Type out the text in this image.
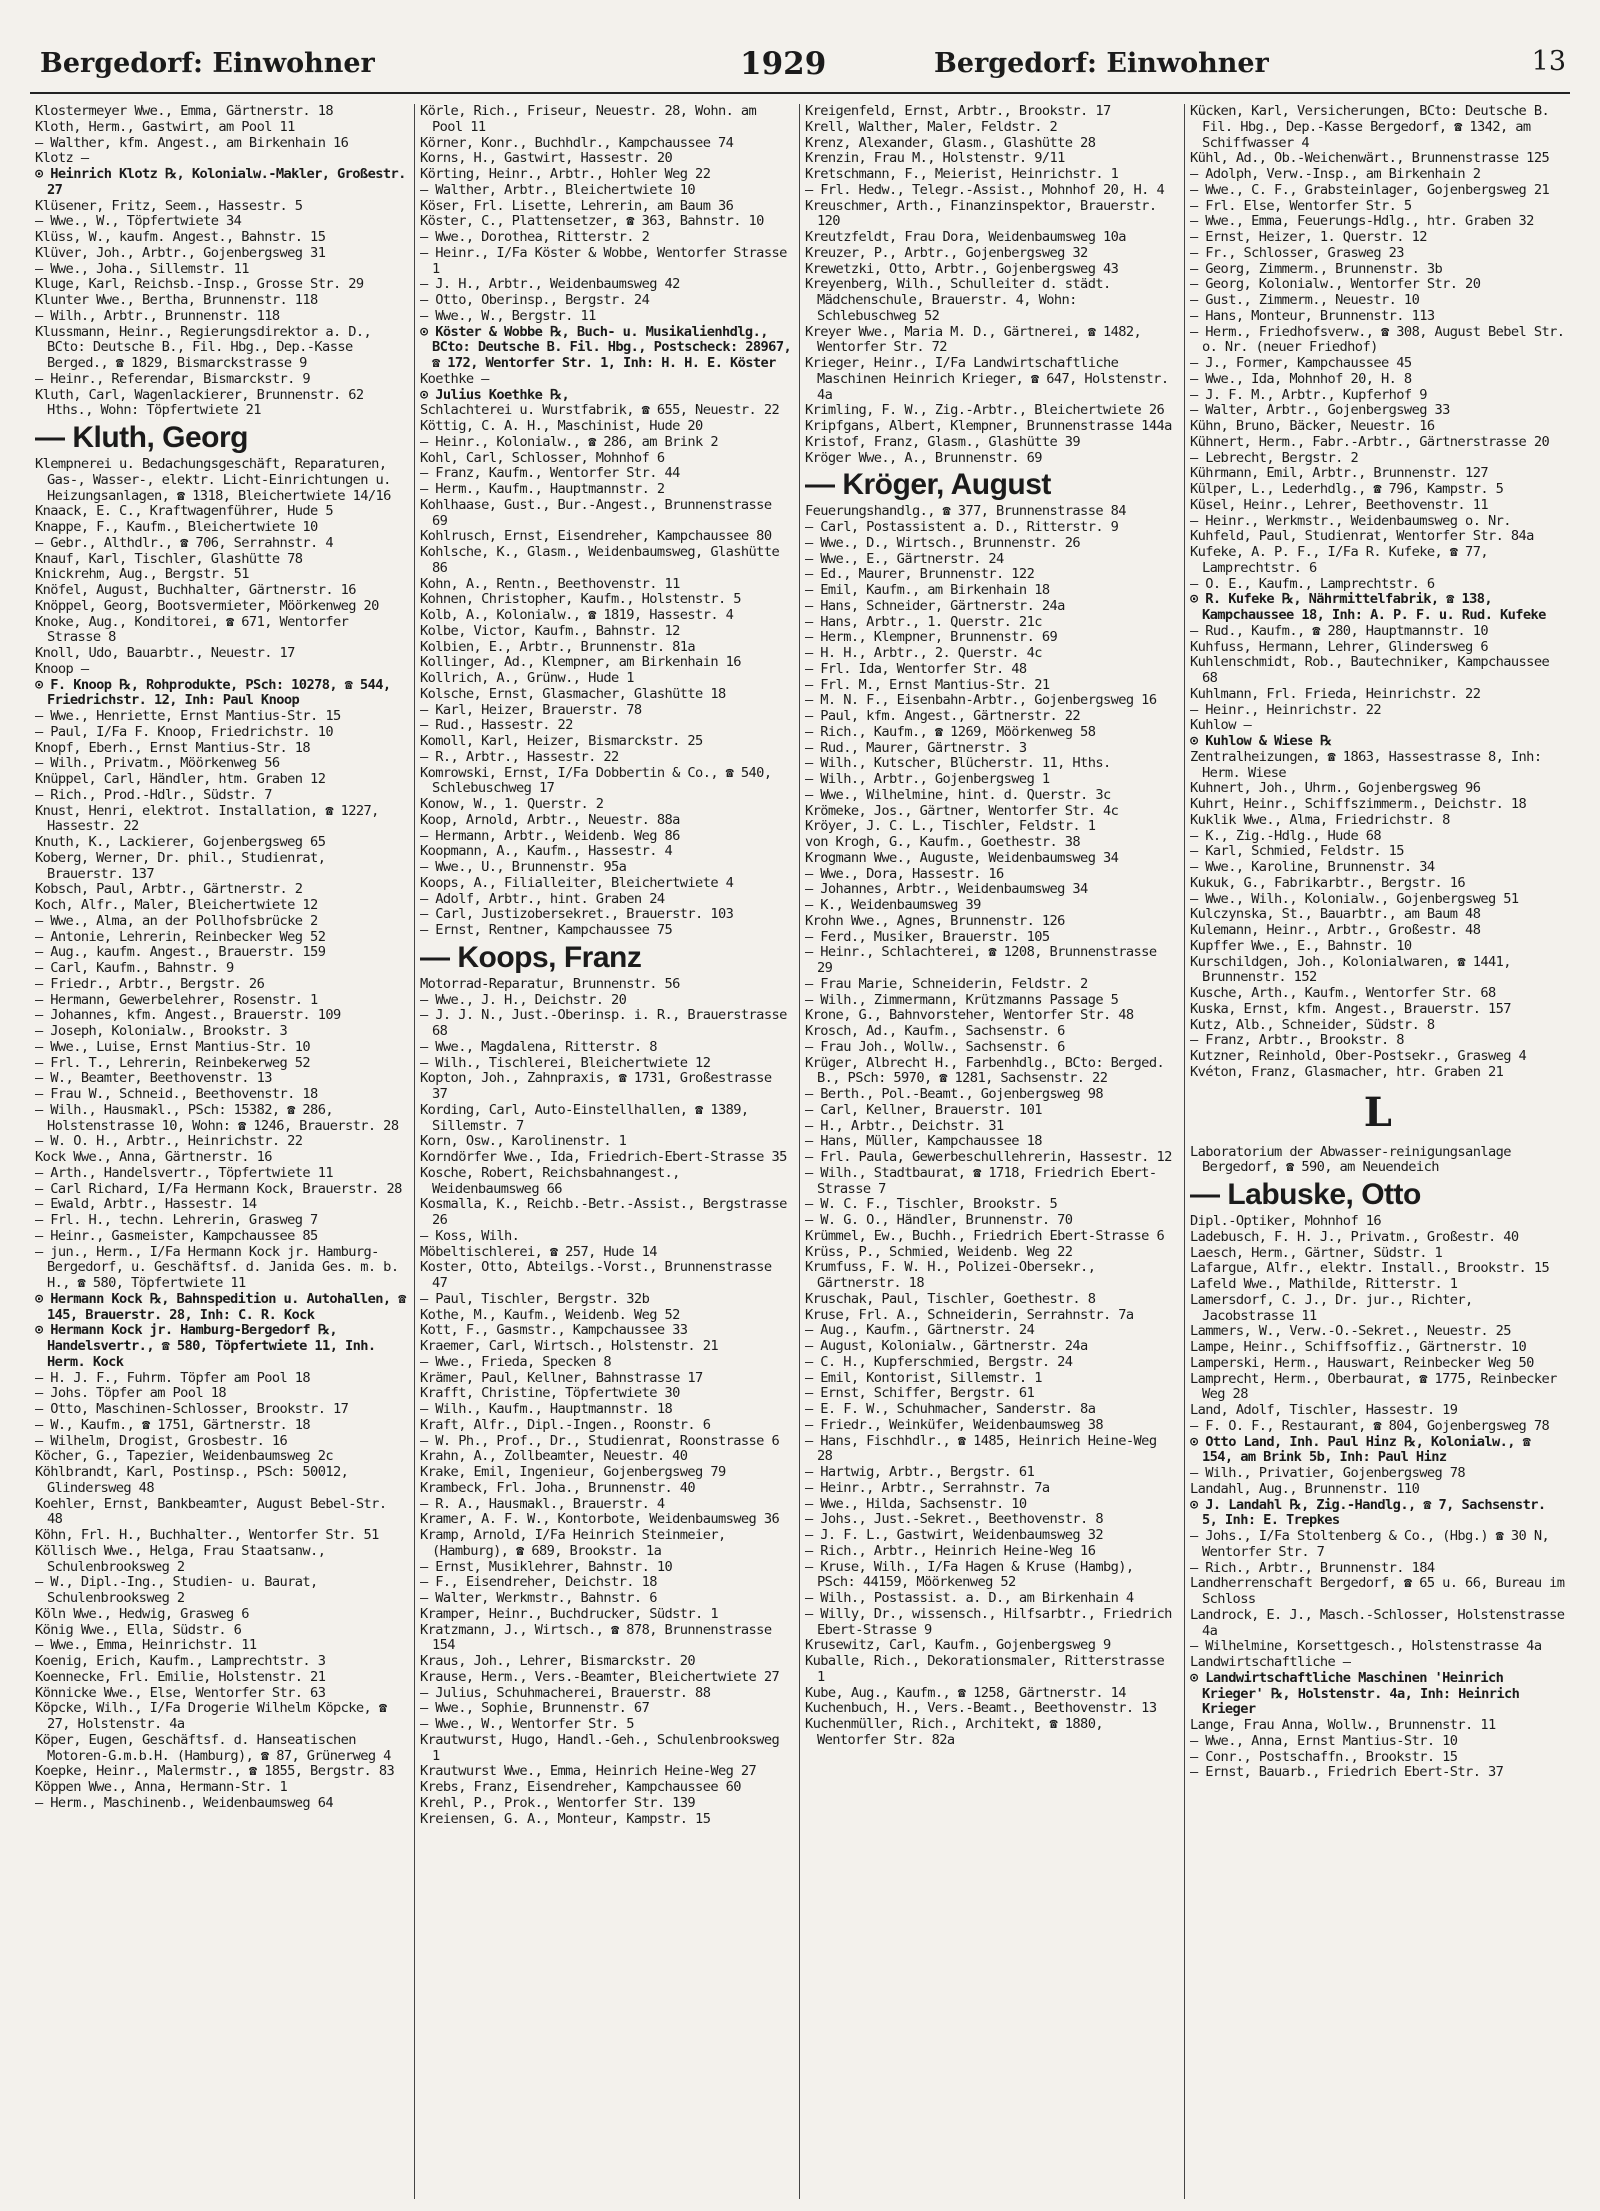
Bergedorf: Einwohner	1929	Bergedorf: Einwohner	13
Klostermeyer Wwe., Emma, Gärtnerstr. 18
Kloth, Herm., Gastwirt, am Pool 11
— Walther, kfm. Angest., am Birkenhain 16
Klotz —
⊙ Heinrich Klotz ℞, Kolonialw.-Makler, Großestr. 27
Klüsener, Fritz, Seem., Hassestr. 5
— Wwe., W., Töpfertwiete 34
Klüss, W., kaufm. Angest., Bahnstr. 15
Klüver, Joh., Arbtr., Gojenbergsweg 31
— Wwe., Joha., Sillemstr. 11
Kluge, Karl, Reichsb.-Insp., Grosse Str. 29
Klunter Wwe., Bertha, Brunnenstr. 118
— Wilh., Arbtr., Brunnenstr. 118
Klussmann, Heinr., Regierungsdirektor a. D., BCto: Deutsche B., Fil. Hbg., Dep.-Kasse Berged., ☎ 1829, Bismarckstrasse 9
— Heinr., Referendar, Bismarckstr. 9
Kluth, Carl, Wagenlackierer, Brunnenstr. 62 Hths., Wohn: Töpfertwiete 21
— Kluth, Georg
Klempnerei u. Bedachungsgeschäft, Reparaturen, Gas-, Wasser-, elektr. Licht-Einrichtungen u. Heizungsanlagen, ☎ 1318, Bleichertwiete 14/16
Knaack, E. C., Kraftwagenführer, Hude 5
Knappe, F., Kaufm., Bleichertwiete 10
— Gebr., Althdlr., ☎ 706, Serrahnstr. 4
Knauf, Karl, Tischler, Glashütte 78
Knickrehm, Aug., Bergstr. 51
Knöfel, August, Buchhalter, Gärtnerstr. 16
Knöppel, Georg, Bootsvermieter, Möörkenweg 20
Knoke, Aug., Konditorei, ☎ 671, Wentorfer Strasse 8
Knoll, Udo, Bauarbtr., Neuestr. 17
Knoop —
⊙ F. Knoop ℞, Rohprodukte, PSch: 10278, ☎ 544, Friedrichstr. 12, Inh: Paul Knoop
— Wwe., Henriette, Ernst Mantius-Str. 15
— Paul, I/Fa F. Knoop, Friedrichstr. 10
Knopf, Eberh., Ernst Mantius-Str. 18
— Wilh., Privatm., Möörkenweg 56
Knüppel, Carl, Händler, htm. Graben 12
— Rich., Prod.-Hdlr., Südstr. 7
Knust, Henri, elektrot. Installation, ☎ 1227, Hassestr. 22
Knuth, K., Lackierer, Gojenbergsweg 65
Koberg, Werner, Dr. phil., Studienrat, Brauerstr. 137
Kobsch, Paul, Arbtr., Gärtnerstr. 2
Koch, Alfr., Maler, Bleichertwiete 12
— Wwe., Alma, an der Pollhofsbrücke 2
— Antonie, Lehrerin, Reinbecker Weg 52
— Aug., kaufm. Angest., Brauerstr. 159
— Carl, Kaufm., Bahnstr. 9
— Friedr., Arbtr., Bergstr. 26
— Hermann, Gewerbelehrer, Rosenstr. 1
— Johannes, kfm. Angest., Brauerstr. 109
— Joseph, Kolonialw., Brookstr. 3
— Wwe., Luise, Ernst Mantius-Str. 10
— Frl. T., Lehrerin, Reinbekerweg 52
— W., Beamter, Beethovenstr. 13
— Frau W., Schneid., Beethovenstr. 18
— Wilh., Hausmakl., PSch: 15382, ☎ 286, Holstenstrasse 10, Wohn: ☎ 1246, Brauerstr. 28
— W. O. H., Arbtr., Heinrichstr. 22
Kock Wwe., Anna, Gärtnerstr. 16
— Arth., Handelsvertr., Töpfertwiete 11
— Carl Richard, I/Fa Hermann Kock, Brauerstr. 28
— Ewald, Arbtr., Hassestr. 14
— Frl. H., techn. Lehrerin, Grasweg 7
— Heinr., Gasmeister, Kampchaussee 85
— jun., Herm., I/Fa Hermann Kock jr. Hamburg-Bergedorf, u. Geschäftsf. d. Janida Ges. m. b. H., ☎ 580, Töpfertwiete 11
⊙ Hermann Kock ℞, Bahnspedition u. Autohallen, ☎ 145, Brauerstr. 28, Inh: C. R. Kock
⊙ Hermann Kock jr. Hamburg-Bergedorf ℞, Handelsvertr., ☎ 580, Töpfertwiete 11, Inh. Herm. Kock
— H. J. F., Fuhrm. Töpfer am Pool 18
— Johs. Töpfer am Pool 18
— Otto, Maschinen-Schlosser, Brookstr. 17
— W., Kaufm., ☎ 1751, Gärtnerstr. 18
— Wilhelm, Drogist, Grosbestr. 16
Köcher, G., Tapezier, Weidenbaumsweg 2c
Köhlbrandt, Karl, Postinsp., PSch: 50012, Glindersweg 48
Koehler, Ernst, Bankbeamter, August Bebel-Str. 48
Köhn, Frl. H., Buchhalter., Wentorfer Str. 51
Köllisch Wwe., Helga, Frau Staatsanw., Schulenbrooksweg 2
— W., Dipl.-Ing., Studien- u. Baurat, Schulenbrooksweg 2
Köln Wwe., Hedwig, Grasweg 6
König Wwe., Ella, Südstr. 6
— Wwe., Emma, Heinrichstr. 11
Koenig, Erich, Kaufm., Lamprechtstr. 3
Koennecke, Frl. Emilie, Holstenstr. 21
Könnicke Wwe., Else, Wentorfer Str. 63
Köpcke, Wilh., I/Fa Drogerie Wilhelm Köpcke, ☎ 27, Holstenstr. 4a
Köper, Eugen, Geschäftsf. d. Hanseatischen Motoren-G.m.b.H. (Hamburg), ☎ 87, Grünerweg 4
Koepke, Heinr., Malermstr., ☎ 1855, Bergstr. 83
Köppen Wwe., Anna, Hermann-Str. 1
— Herm., Maschinenb., Weidenbaumsweg 64
Körle, Rich., Friseur, Neuestr. 28, Wohn. am Pool 11
Körner, Konr., Buchhdlr., Kampchaussee 74
Korns, H., Gastwirt, Hassestr. 20
Körting, Heinr., Arbtr., Hohler Weg 22
— Walther, Arbtr., Bleichertwiete 10
Köser, Frl. Lisette, Lehrerin, am Baum 36
Köster, C., Plattensetzer, ☎ 363, Bahnstr. 10
— Wwe., Dorothea, Ritterstr. 2
— Heinr., I/Fa Köster & Wobbe, Wentorfer Strasse 1
— J. H., Arbtr., Weidenbaumsweg 42
— Otto, Oberinsp., Bergstr. 24
— Wwe., W., Bergstr. 11
⊙ Köster & Wobbe ℞, Buch- u. Musikalienhdlg., BCto: Deutsche B. Fil. Hbg., Postscheck: 28967, ☎ 172, Wentorfer Str. 1, Inh: H. H. E. Köster
Koethke —
⊙ Julius Koethke ℞,
Schlachterei u. Wurstfabrik, ☎ 655, Neuestr. 22
Köttig, C. A. H., Maschinist, Hude 20
— Heinr., Kolonialw., ☎ 286, am Brink 2
Kohl, Carl, Schlosser, Mohnhof 6
— Franz, Kaufm., Wentorfer Str. 44
— Herm., Kaufm., Hauptmannstr. 2
Kohlhaase, Gust., Bur.-Angest., Brunnenstrasse 69
Kohlrusch, Ernst, Eisendreher, Kampchaussee 80
Kohlsche, K., Glasm., Weidenbaumsweg, Glashütte 86
Kohn, A., Rentn., Beethovenstr. 11
Kohnen, Christopher, Kaufm., Holstenstr. 5
Kolb, A., Kolonialw., ☎ 1819, Hassestr. 4
Kolbe, Victor, Kaufm., Bahnstr. 12
Kolbien, E., Arbtr., Brunnenstr. 81a
Kollinger, Ad., Klempner, am Birkenhain 16
Kollrich, A., Grünw., Hude 1
Kolsche, Ernst, Glasmacher, Glashütte 18
— Karl, Heizer, Brauerstr. 78
— Rud., Hassestr. 22
Komoll, Karl, Heizer, Bismarckstr. 25
— R., Arbtr., Hassestr. 22
Komrowski, Ernst, I/Fa Dobbertin & Co., ☎ 540, Schlebuschweg 17
Konow, W., 1. Querstr. 2
Koop, Arnold, Arbtr., Neuestr. 88a
— Hermann, Arbtr., Weidenb. Weg 86
Koopmann, A., Kaufm., Hassestr. 4
— Wwe., U., Brunnenstr. 95a
Koops, A., Filialleiter, Bleichertwiete 4
— Adolf, Arbtr., hint. Graben 24
— Carl, Justizobersekret., Brauerstr. 103
— Ernst, Rentner, Kampchaussee 75
— Koops, Franz
Motorrad-Reparatur, Brunnenstr. 56
— Wwe., J. H., Deichstr. 20
— J. J. N., Just.-Oberinsp. i. R., Brauerstrasse 68
— Wwe., Magdalena, Ritterstr. 8
— Wilh., Tischlerei, Bleichertwiete 12
Kopton, Joh., Zahnpraxis, ☎ 1731, Großestrasse 37
Kording, Carl, Auto-Einstellhallen, ☎ 1389, Sillemstr. 7
Korn, Osw., Karolinenstr. 1
Korndörfer Wwe., Ida, Friedrich-Ebert-Strasse 35
Kosche, Robert, Reichsbahnangest., Weidenbaumsweg 66
Kosmalla, K., Reichb.-Betr.-Assist., Bergstrasse 26
— Koss, Wilh.
Möbeltischlerei, ☎ 257, Hude 14
Koster, Otto, Abteilgs.-Vorst., Brunnenstrasse 47
— Paul, Tischler, Bergstr. 32b
Kothe, M., Kaufm., Weidenb. Weg 52
Kott, F., Gasmstr., Kampchaussee 33
Kraemer, Carl, Wirtsch., Holstenstr. 21
— Wwe., Frieda, Specken 8
Krämer, Paul, Kellner, Bahnstrasse 17
Krafft, Christine, Töpfertwiete 30
— Wilh., Kaufm., Hauptmannstr. 18
Kraft, Alfr., Dipl.-Ingen., Roonstr. 6
— W. Ph., Prof., Dr., Studienrat, Roonstrasse 6
Krahn, A., Zollbeamter, Neuestr. 40
Krake, Emil, Ingenieur, Gojenbergsweg 79
Krambeck, Frl. Joha., Brunnenstr. 40
— R. A., Hausmakl., Brauerstr. 4
Kramer, A. F. W., Kontorbote, Weidenbaumsweg 36
Kramp, Arnold, I/Fa Heinrich Steinmeier, (Hamburg), ☎ 689, Brookstr. 1a
— Ernst, Musiklehrer, Bahnstr. 10
— F., Eisendreher, Deichstr. 18
— Walter, Werkmstr., Bahnstr. 6
Kramper, Heinr., Buchdrucker, Südstr. 1
Kratzmann, J., Wirtsch., ☎ 878, Brunnenstrasse 154
Kraus, Joh., Lehrer, Bismarckstr. 20
Krause, Herm., Vers.-Beamter, Bleichertwiete 27
— Julius, Schuhmacherei, Brauerstr. 88
— Wwe., Sophie, Brunnenstr. 67
— Wwe., W., Wentorfer Str. 5
Krautwurst, Hugo, Handl.-Geh., Schulenbrooksweg 1
Krautwurst Wwe., Emma, Heinrich Heine-Weg 27
Krebs, Franz, Eisendreher, Kampchaussee 60
Krehl, P., Prok., Wentorfer Str. 139
Kreiensen, G. A., Monteur, Kampstr. 15
Kreigenfeld, Ernst, Arbtr., Brookstr. 17
Krell, Walther, Maler, Feldstr. 2
Krenz, Alexander, Glasm., Glashütte 28
Krenzin, Frau M., Holstenstr. 9/11
Kretschmann, F., Meierist, Heinrichstr. 1
— Frl. Hedw., Telegr.-Assist., Mohnhof 20, H. 4
Kreuschmer, Arth., Finanzinspektor, Brauerstr. 120
Kreutzfeldt, Frau Dora, Weidenbaumsweg 10a
Kreuzer, P., Arbtr., Gojenbergsweg 32
Krewetzki, Otto, Arbtr., Gojenbergsweg 43
Kreyenberg, Wilh., Schulleiter d. städt. Mädchenschule, Brauerstr. 4, Wohn: Schlebuschweg 52
Kreyer Wwe., Maria M. D., Gärtnerei, ☎ 1482, Wentorfer Str. 72
Krieger, Heinr., I/Fa Landwirtschaftliche Maschinen Heinrich Krieger, ☎ 647, Holstenstr. 4a
Krimling, F. W., Zig.-Arbtr., Bleichertwiete 26
Kripfgans, Albert, Klempner, Brunnenstrasse 144a
Kristof, Franz, Glasm., Glashütte 39
Kröger Wwe., A., Brunnenstr. 69
— Kröger, August
Feuerungshandlg., ☎ 377, Brunnenstrasse 84
— Carl, Postassistent a. D., Ritterstr. 9
— Wwe., D., Wirtsch., Brunnenstr. 26
— Wwe., E., Gärtnerstr. 24
— Ed., Maurer, Brunnenstr. 122
— Emil, Kaufm., am Birkenhain 18
— Hans, Schneider, Gärtnerstr. 24a
— Hans, Arbtr., 1. Querstr. 21c
— Herm., Klempner, Brunnenstr. 69
— H. H., Arbtr., 2. Querstr. 4c
— Frl. Ida, Wentorfer Str. 48
— Frl. M., Ernst Mantius-Str. 21
— M. N. F., Eisenbahn-Arbtr., Gojenbergsweg 16
— Paul, kfm. Angest., Gärtnerstr. 22
— Rich., Kaufm., ☎ 1269, Möörkenweg 58
— Rud., Maurer, Gärtnerstr. 3
— Wilh., Kutscher, Blücherstr. 11, Hths.
— Wilh., Arbtr., Gojenbergsweg 1
— Wwe., Wilhelmine, hint. d. Querstr. 3c
Krömeke, Jos., Gärtner, Wentorfer Str. 4c
Kröyer, J. C. L., Tischler, Feldstr. 1
von Krogh, G., Kaufm., Goethestr. 38
Krogmann Wwe., Auguste, Weidenbaumsweg 34
— Wwe., Dora, Hassestr. 16
— Johannes, Arbtr., Weidenbaumsweg 34
— K., Weidenbaumsweg 39
Krohn Wwe., Agnes, Brunnenstr. 126
— Ferd., Musiker, Brauerstr. 105
— Heinr., Schlachterei, ☎ 1208, Brunnenstrasse 29
— Frau Marie, Schneiderin, Feldstr. 2
— Wilh., Zimmermann, Krützmanns Passage 5
Krone, G., Bahnvorsteher, Wentorfer Str. 48
Krosch, Ad., Kaufm., Sachsenstr. 6
— Frau Joh., Wollw., Sachsenstr. 6
Krüger, Albrecht H., Farbenhdlg., BCto: Berged. B., PSch: 5970, ☎ 1281, Sachsenstr. 22
— Berth., Pol.-Beamt., Gojenbergsweg 98
— Carl, Kellner, Brauerstr. 101
— H., Arbtr., Deichstr. 31
— Hans, Müller, Kampchaussee 18
— Frl. Paula, Gewerbeschullehrerin, Hassestr. 12
— Wilh., Stadtbaurat, ☎ 1718, Friedrich Ebert-Strasse 7
— W. C. F., Tischler, Brookstr. 5
— W. G. O., Händler, Brunnenstr. 70
Krümmel, Ew., Buchh., Friedrich Ebert-Strasse 6
Krüss, P., Schmied, Weidenb. Weg 22
Krumfuss, F. W. H., Polizei-Obersekr., Gärtnerstr. 18
Kruschak, Paul, Tischler, Goethestr. 8
Kruse, Frl. A., Schneiderin, Serrahnstr. 7a
— Aug., Kaufm., Gärtnerstr. 24
— August, Kolonialw., Gärtnerstr. 24a
— C. H., Kupferschmied, Bergstr. 24
— Emil, Kontorist, Sillemstr. 1
— Ernst, Schiffer, Bergstr. 61
— E. F. W., Schuhmacher, Sanderstr. 8a
— Friedr., Weinküfer, Weidenbaumsweg 38
— Hans, Fischhdlr., ☎ 1485, Heinrich Heine-Weg 28
— Hartwig, Arbtr., Bergstr. 61
— Heinr., Arbtr., Serrahnstr. 7a
— Wwe., Hilda, Sachsenstr. 10
— Johs., Just.-Sekret., Beethovenstr. 8
— J. F. L., Gastwirt, Weidenbaumsweg 32
— Rich., Arbtr., Heinrich Heine-Weg 16
— Kruse, Wilh., I/Fa Hagen & Kruse (Hambg), PSch: 44159, Möörkenweg 52
— Wilh., Postassist. a. D., am Birkenhain 4
— Willy, Dr., wissensch., Hilfsarbtr., Friedrich Ebert-Strasse 9
Krusewitz, Carl, Kaufm., Gojenbergsweg 9
Kuballe, Rich., Dekorationsmaler, Ritterstrasse 1
Kube, Aug., Kaufm., ☎ 1258, Gärtnerstr. 14
Kuchenbuch, H., Vers.-Beamt., Beethovenstr. 13
Kuchenmüller, Rich., Architekt, ☎ 1880, Wentorfer Str. 82a
Kücken, Karl, Versicherungen, BCto: Deutsche B. Fil. Hbg., Dep.-Kasse Bergedorf, ☎ 1342, am Schiffwasser 4
Kühl, Ad., Ob.-Weichenwärt., Brunnenstrasse 125
— Adolph, Verw.-Insp., am Birkenhain 2
— Wwe., C. F., Grabsteinlager, Gojenbergsweg 21
— Frl. Else, Wentorfer Str. 5
— Wwe., Emma, Feuerungs-Hdlg., htr. Graben 32
— Ernst, Heizer, 1. Querstr. 12
— Fr., Schlosser, Grasweg 23
— Georg, Zimmerm., Brunnenstr. 3b
— Georg, Kolonialw., Wentorfer Str. 20
— Gust., Zimmerm., Neuestr. 10
— Hans, Monteur, Brunnenstr. 113
— Herm., Friedhofsverw., ☎ 308, August Bebel Str. o. Nr. (neuer Friedhof)
— J., Former, Kampchaussee 45
— Wwe., Ida, Mohnhof 20, H. 8
— J. F. M., Arbtr., Kupferhof 9
— Walter, Arbtr., Gojenbergsweg 33
Kühn, Bruno, Bäcker, Neuestr. 16
Kühnert, Herm., Fabr.-Arbtr., Gärtnerstrasse 20
— Lebrecht, Bergstr. 2
Kührmann, Emil, Arbtr., Brunnenstr. 127
Külper, L., Lederhdlg., ☎ 796, Kampstr. 5
Küsel, Heinr., Lehrer, Beethovenstr. 11
— Heinr., Werkmstr., Weidenbaumsweg o. Nr.
Kuhfeld, Paul, Studienrat, Wentorfer Str. 84a
Kufeke, A. P. F., I/Fa R. Kufeke, ☎ 77, Lamprechtstr. 6
— O. E., Kaufm., Lamprechtstr. 6
⊙ R. Kufeke ℞, Nährmittelfabrik, ☎ 138, Kampchaussee 18, Inh: A. P. F. u. Rud. Kufeke
— Rud., Kaufm., ☎ 280, Hauptmannstr. 10
Kuhfuss, Hermann, Lehrer, Glindersweg 6
Kuhlenschmidt, Rob., Bautechniker, Kampchaussee 68
Kuhlmann, Frl. Frieda, Heinrichstr. 22
— Heinr., Heinrichstr. 22
Kuhlow —
⊙ Kuhlow & Wiese ℞
Zentralheizungen, ☎ 1863, Hassestrasse 8, Inh: Herm. Wiese
Kuhnert, Joh., Uhrm., Gojenbergsweg 96
Kuhrt, Heinr., Schiffszimmerm., Deichstr. 18
Kuklik Wwe., Alma, Friedrichstr. 8
— K., Zig.-Hdlg., Hude 68
— Karl, Schmied, Feldstr. 15
— Wwe., Karoline, Brunnenstr. 34
Kukuk, G., Fabrikarbtr., Bergstr. 16
— Wwe., Wilh., Kolonialw., Gojenbergsweg 51
Kulczynska, St., Bauarbtr., am Baum 48
Kulemann, Heinr., Arbtr., Großestr. 48
Kupffer Wwe., E., Bahnstr. 10
Kurschildgen, Joh., Kolonialwaren, ☎ 1441, Brunnenstr. 152
Kusche, Arth., Kaufm., Wentorfer Str. 68
Kuska, Ernst, kfm. Angest., Brauerstr. 157
Kutz, Alb., Schneider, Südstr. 8
— Franz, Arbtr., Brookstr. 8
Kutzner, Reinhold, Ober-Postsekr., Grasweg 4
Kvéton, Franz, Glasmacher, htr. Graben 21
L
Laboratorium der Abwasser-reinigungsanlage Bergedorf, ☎ 590, am Neuendeich
— Labuske, Otto
Dipl.-Optiker, Mohnhof 16
Ladebusch, F. H. J., Privatm., Großestr. 40
Laesch, Herm., Gärtner, Südstr. 1
Lafargue, Alfr., elektr. Install., Brookstr. 15
Lafeld Wwe., Mathilde, Ritterstr. 1
Lamersdorf, C. J., Dr. jur., Richter, Jacobstrasse 11
Lammers, W., Verw.-O.-Sekret., Neuestr. 25
Lampe, Heinr., Schiffsoffiz., Gärtnerstr. 10
Lamperski, Herm., Hauswart, Reinbecker Weg 50
Lamprecht, Herm., Oberbaurat, ☎ 1775, Reinbecker Weg 28
Land, Adolf, Tischler, Hassestr. 19
— F. O. F., Restaurant, ☎ 804, Gojenbergsweg 78
⊙ Otto Land, Inh. Paul Hinz ℞, Kolonialw., ☎ 154, am Brink 5b, Inh: Paul Hinz
— Wilh., Privatier, Gojenbergsweg 78
Landahl, Aug., Brunnenstr. 110
⊙ J. Landahl ℞, Zig.-Handlg., ☎ 7, Sachsenstr. 5, Inh: E. Trepkes
— Johs., I/Fa Stoltenberg & Co., (Hbg.) ☎ 30 N, Wentorfer Str. 7
— Rich., Arbtr., Brunnenstr. 184
Landherrenschaft Bergedorf, ☎ 65 u. 66, Bureau im Schloss
Landrock, E. J., Masch.-Schlosser, Holstenstrasse 4a
— Wilhelmine, Korsettgesch., Holstenstrasse 4a
Landwirtschaftliche —
⊙ Landwirtschaftliche Maschinen 'Heinrich Krieger' ℞, Holstenstr. 4a, Inh: Heinrich Krieger
Lange, Frau Anna, Wollw., Brunnenstr. 11
— Wwe., Anna, Ernst Mantius-Str. 10
— Conr., Postschaffn., Brookstr. 15
— Ernst, Bauarb., Friedrich Ebert-Str. 37
